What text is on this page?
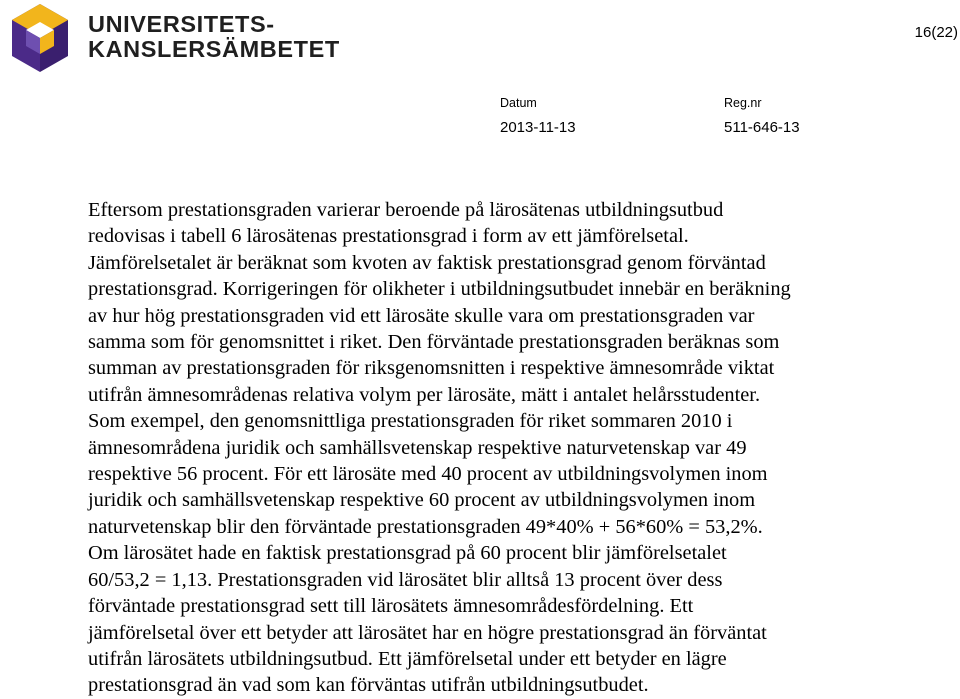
UNIVERSITETS-
KANSLERSÄMBETET
16(22)
Datum
2013-11-13
Reg.nr
511-646-13
Eftersom prestationsgraden varierar beroende på lärosätenas utbildningsutbud
redovisas i tabell 6 lärosätenas prestationsgrad i form av ett jämförelsetal.
Jämförelsetalet är beräknat som kvoten av faktisk prestationsgrad genom förväntad
prestationsgrad. Korrigeringen för olikheter i utbildningsutbudet innebär en beräkning
av hur hög prestationsgraden vid ett lärosäte skulle vara om prestationsgraden var
samma som för genomsnittet i riket. Den förväntade prestationsgraden beräknas som
summan av prestationsgraden för riksgenomsnitten i respektive ämnesområde viktat
utifrån ämnesområdenas relativa volym per lärosäte, mätt i antalet helårsstudenter.
Som exempel, den genomsnittliga prestationsgraden för riket sommaren 2010 i
ämnesområdena juridik och samhällsvetenskap respektive naturvetenskap var 49
respektive 56 procent. För ett lärosäte med 40 procent av utbildningsvolymen inom
juridik och samhällsvetenskap respektive 60 procent av utbildningsvolymen inom
naturvetenskap blir den förväntade prestationsgraden 49*40% + 56*60% = 53,2%.
Om lärosätet hade en faktisk prestationsgrad på 60 procent blir jämförelsetalet
60/53,2 = 1,13. Prestationsgraden vid lärosätet blir alltså 13 procent över dess
förväntade prestationsgrad sett till lärosätets ämnesområdesfördelning. Ett
jämförelsetal över ett betyder att lärosätet har en högre prestationsgrad än förväntat
utifrån lärosätets utbildningsutbud. Ett jämförelsetal under ett betyder en lägre
prestationsgrad än vad som kan förväntas utifrån utbildningsutbudet.
